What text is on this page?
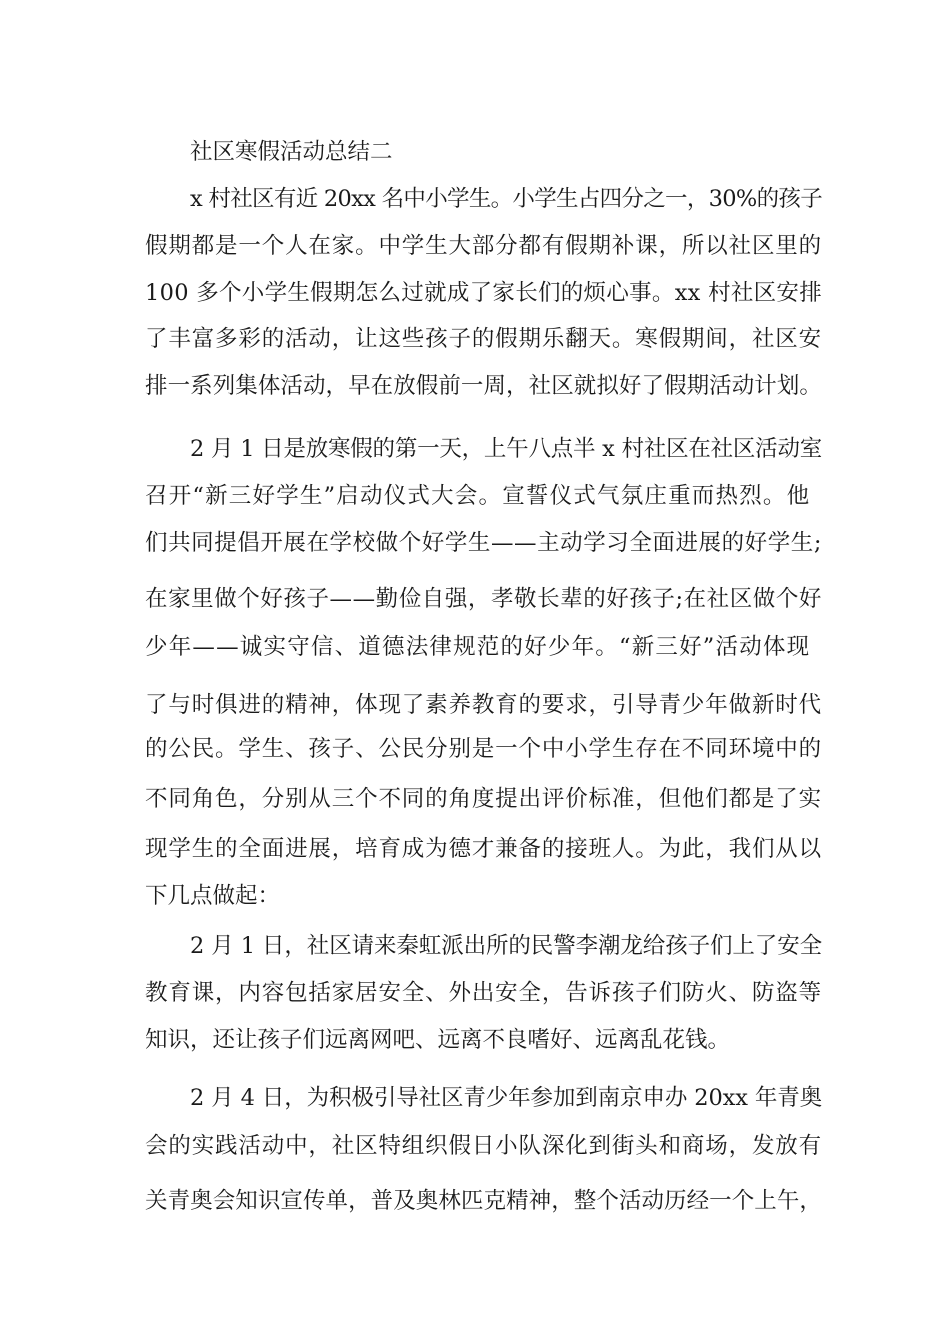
社区寒假活动总结二
x 村社区有近 20xx 名中小学生。小学生占四分之一，30%的孩子
假期都是一个人在家。中学生大部分都有假期补课，所以社区里的
100 多个小学生假期怎么过就成了家长们的烦心事。xx 村社区安排
了丰富多彩的活动，让这些孩子的假期乐翻天。寒假期间，社区安
排一系列集体活动，早在放假前一周，社区就拟好了假期活动计划。
2 月 1 日是放寒假的第一天，上午八点半 x 村社区在社区活动室
召开“新三好学生”启动仪式大会。宣誓仪式气氛庄重而热烈。他
们共同提倡开展在学校做个好学生——主动学习全面进展的好学生;
在家里做个好孩子——勤俭自强，孝敬长辈的好孩子;在社区做个好
少年——诚实守信、道德法律规范的好少年。“新三好”活动体现
了与时俱进的精神，体现了素养教育的要求，引导青少年做新时代
的公民。学生、孩子、公民分别是一个中小学生存在不同环境中的
不同角色，分别从三个不同的角度提出评价标准，但他们都是了实
现学生的全面进展，培育成为德才兼备的接班人。为此，我们从以
下几点做起：
2 月 1 日，社区请来秦虹派出所的民警李潮龙给孩子们上了安全
教育课，内容包括家居安全、外出安全，告诉孩子们防火、防盗等
知识，还让孩子们远离网吧、远离不良嗜好、远离乱花钱。
2 月 4 日，为积极引导社区青少年参加到南京申办 20xx 年青奥
会的实践活动中，社区特组织假日小队深化到街头和商场，发放有
关青奥会知识宣传单，普及奥林匹克精神，整个活动历经一个上午，
